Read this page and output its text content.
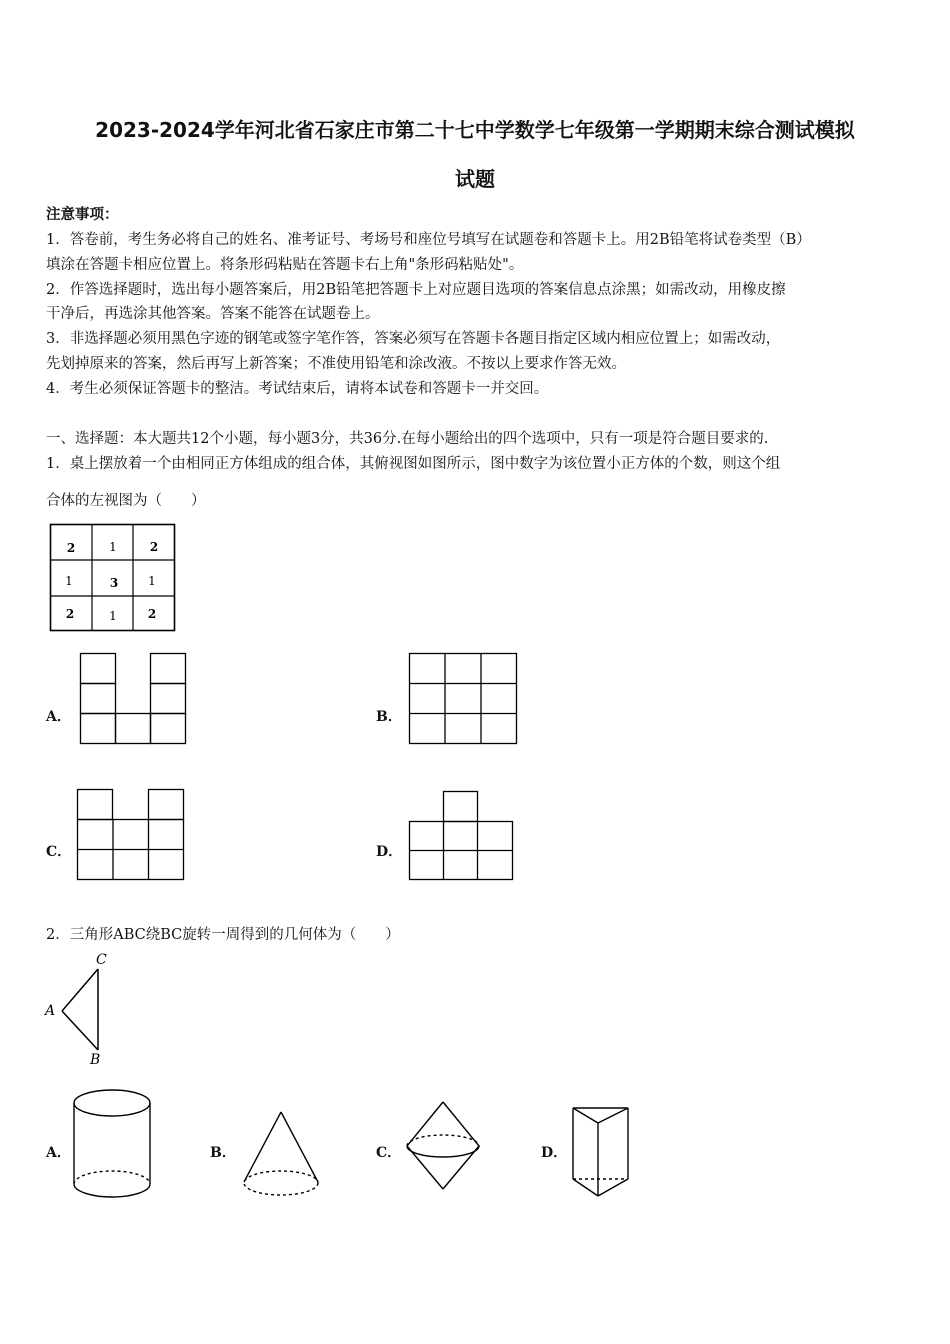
2023-2024学年河北省石家庄市第二十七中学数学七年级第一学期期末综合测试模拟
试题
注意事项：
1．答卷前，考生务必将自己的姓名、准考证号、考场号和座位号填写在试题卷和答题卡上。用2B铅笔将试卷类型（B）
填涂在答题卡相应位置上。将条形码粘贴在答题卡右上角"条形码粘贴处"。
2．作答选择题时，选出每小题答案后，用2B铅笔把答题卡上对应题目选项的答案信息点涂黑；如需改动，用橡皮擦
干净后，再选涂其他答案。答案不能答在试题卷上。
3．非选择题必须用黑色字迹的钢笔或签字笔作答，答案必须写在答题卡各题目指定区域内相应位置上；如需改动，
先划掉原来的答案，然后再写上新答案；不准使用铅笔和涂改液。不按以上要求作答无效。
4．考生必须保证答题卡的整洁。考试结束后，请将本试卷和答题卡一并交回。
一、选择题：本大题共12个小题，每小题3分，共36分.在每小题给出的四个选项中，只有一项是符合题目要求的.
1．桌上摆放着一个由相同正方体组成的组合体，其俯视图如图所示，图中数字为该位置小正方体的个数，则这个组
合体的左视图为（　　）
2	1	2
1	3	1
2	1	2
A．	B．
C．	D．
2．三角形ABC绕BC旋转一周得到的几何体为（　　）
C
A
B
A．	B．	C．	D．
